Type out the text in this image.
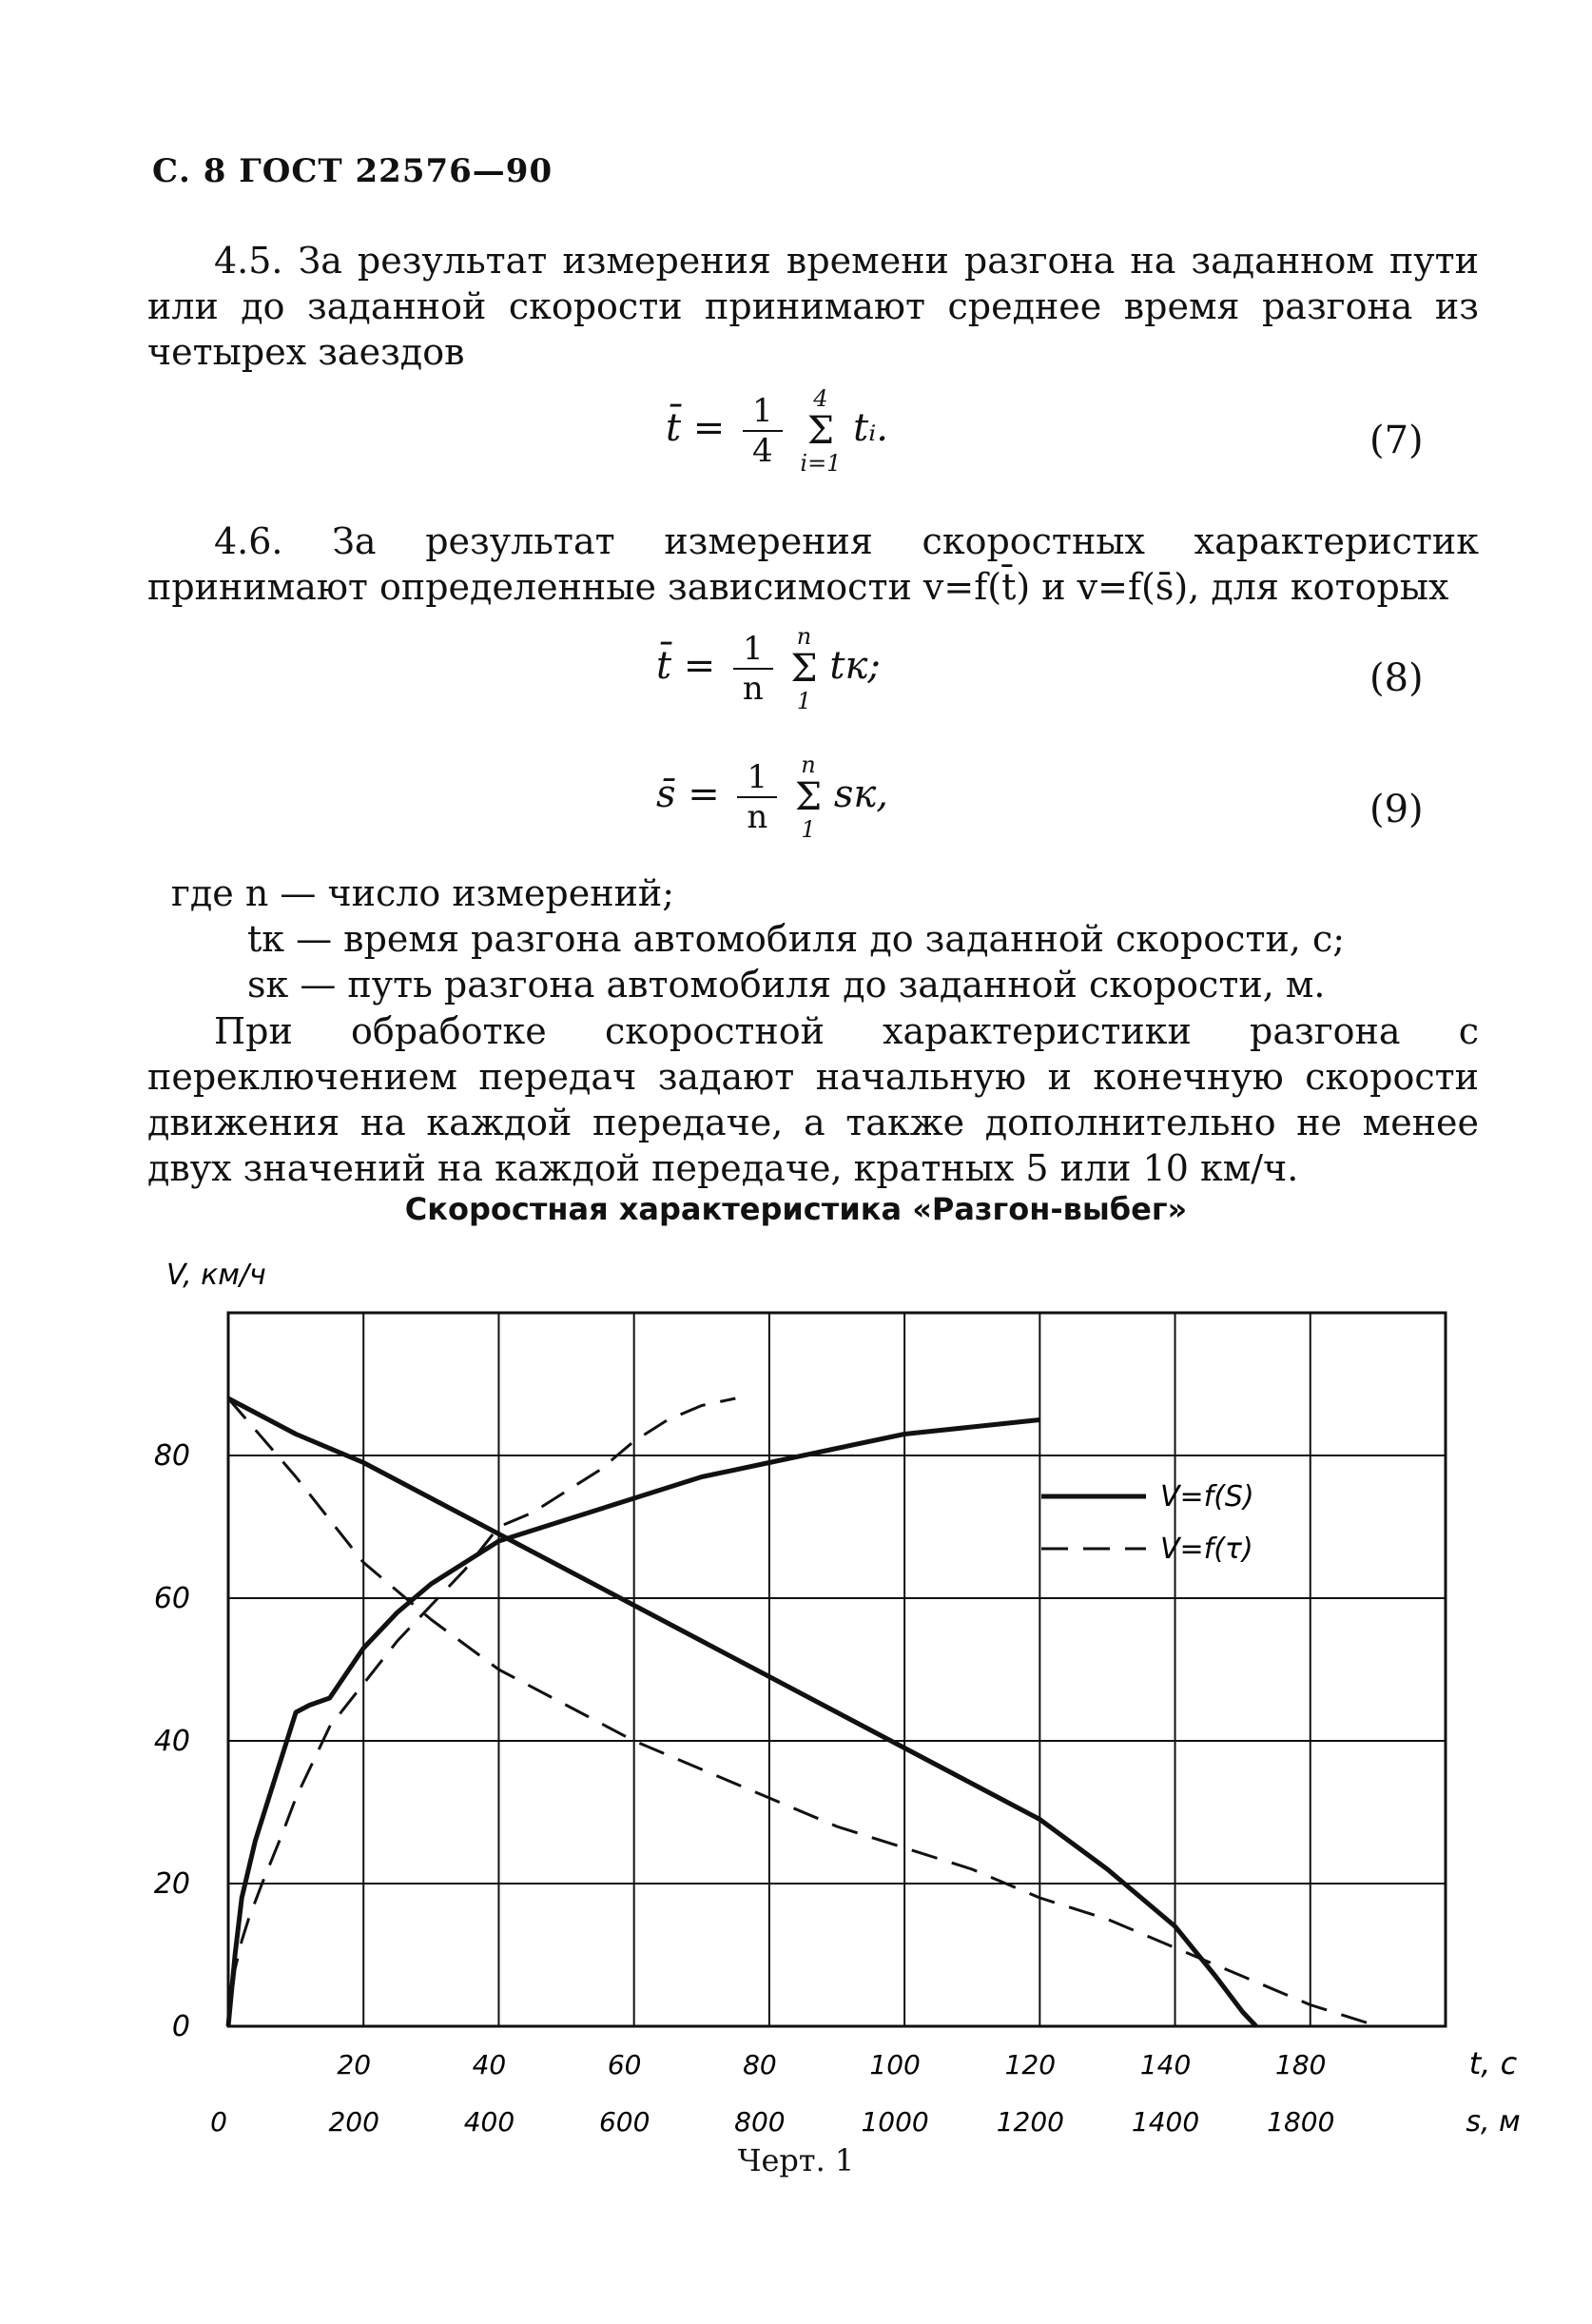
С. 8 ГОСТ 22576—90
4.5. За результат измерения времени разгона на заданном пути или до заданной скорости принимают среднее время разгона из четырех заездов
t̄ = $\frac{1}{4}$
	4
Σ
i=1
tᵢ.	(7)
4.6. За результат измерения скоростных характеристик принимают определенные зависимости v=f(t̄) и v=f(s̄), для которых
t̄ = $\frac{1}{n}$
n
Σ
1
tк;	(8)
s̄ = $\frac{1}{n}$
n
Σ
1
sк,	(9)
где n — число измерений;
tк — время разгона автомобиля до заданной скорости, с;
sк — путь разгона автомобиля до заданной скорости, м.
При обработке скоростной характеристики разгона с переключением передач задают начальную и конечную скорости движения на каждой передаче, а также дополнительно не менее двух значений на каждой передаче, кратных 5 или 10 км/ч.
Скоростная характеристика «Разгон-выбег»
V, км/ч
0
20
40
60
80
20	40	60	80	100	120	140	180	t, c
0	200	400	600	800	1000	1200	1400	1800	s, м
V=f(S)
V=f(τ)
Черт. 1
